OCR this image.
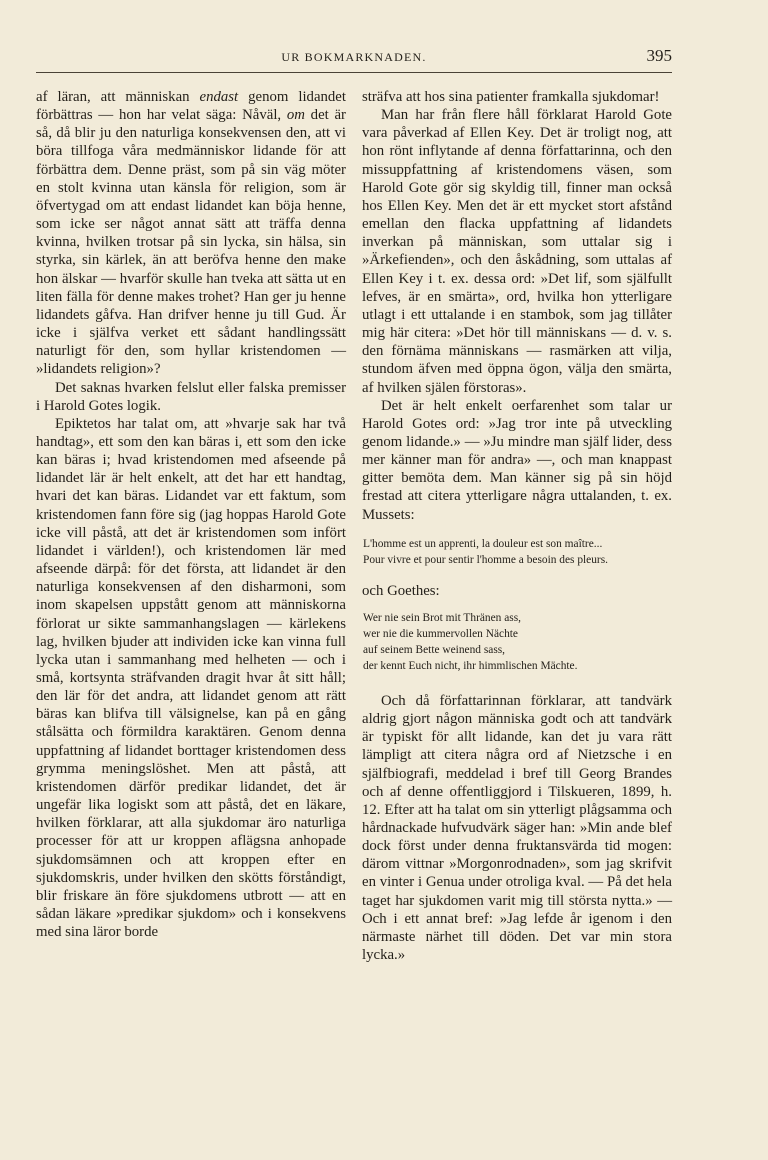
UR BOKMARKNADEN.	395

af läran, att människan endast genom lidandet förbättras — hon har velat säga: Nåväl, om det är så, då blir ju den naturliga konsekvensen den, att vi böra tillfoga våra medmänniskor lidande för att förbättra dem. Denne präst, som på sin väg möter en stolt kvinna utan känsla för religion, som är öfvertygad om att endast lidandet kan böja henne, som icke ser något annat sätt att träffa denna kvinna, hvilken trotsar på sin lycka, sin hälsa, sin styrka, sin kärlek, än att beröfva henne den make hon älskar — hvarför skulle han tveka att sätta ut en liten fälla för denne makes trohet? Han ger ju henne lidandets gåfva. Han drifver henne ju till Gud. Är icke i själfva verket ett sådant handlingssätt naturligt för den, som hyllar kristendomen — »lidandets religion»?

Det saknas hvarken felslut eller falska premisser i Harold Gotes logik.

Epiktetos har talat om, att »hvarje sak har två handtag», ett som den kan bäras i, ett som den icke kan bäras i; hvad kristendomen med afseende på lidandet lär är helt enkelt, att det har ett handtag, hvari det kan bäras. Lidandet var ett faktum, som kristendomen fann före sig (jag hoppas Harold Gote icke vill påstå, att det är kristendomen som infört lidandet i världen!), och kristendomen lär med afseende därpå: för det första, att lidandet är den naturliga konsekvensen af den disharmoni, som inom skapelsen uppstått genom att människorna förlorat ur sikte sammanhangslagen — kärlekens lag, hvilken bjuder att individen icke kan vinna full lycka utan i sammanhang med helheten — och i små, kortsynta sträfvanden dragit hvar åt sitt håll; den lär för det andra, att lidandet genom att rätt bäras kan blifva till välsignelse, kan på en gång stålsätta och förmildra karaktären. Genom denna uppfattning af lidandet borttager kristendomen dess grymma meningslöshet. Men att påstå, att kristendomen därför predikar lidandet, det är ungefär lika logiskt som att påstå, det en läkare, hvilken förklarar, att alla sjukdomar äro naturliga processer för att ur kroppen aflägsna anhopade sjukdomsämnen och att kroppen efter en sjukdomskris, under hvilken den skötts förståndigt, blir friskare än före sjukdomens utbrott — att en sådan läkare »predikar sjukdom» och i konsekvens med sina läror borde

sträfva att hos sina patienter framkalla sjukdomar!

Man har från flere håll förklarat Harold Gote vara påverkad af Ellen Key. Det är troligt nog, att hon rönt inflytande af denna författarinna, och den missuppfattning af kristendomens väsen, som Harold Gote gör sig skyldig till, finner man också hos Ellen Key. Men det är ett mycket stort afstånd emellan den flacka uppfattning af lidandets inverkan på människan, som uttalar sig i »Ärkefienden», och den åskådning, som uttalas af Ellen Key i t. ex. dessa ord: »Det lif, som själfullt lefves, är en smärta», ord, hvilka hon ytterligare utlagt i ett uttalande i en stambok, som jag tillåter mig här citera: »Det hör till människans — d. v. s. den förnäma människans — rasmärken att vilja, stundom äfven med öppna ögon, välja den smärta, af hvilken själen förstoras».

Det är helt enkelt oerfarenhet som talar ur Harold Gotes ord: »Jag tror inte på utveckling genom lidande.» — »Ju mindre man själf lider, dess mer känner man för andra» —, och man knappast gitter bemöta dem. Man känner sig på sin höjd frestad att citera ytterligare några uttalanden, t. ex. Mussets:

L'homme est un apprenti, la douleur est son maître...
Pour vivre et pour sentir l'homme a besoin des pleurs.

och Goethes:

Wer nie sein Brot mit Thränen ass,
wer nie die kummervollen Nächte
auf seinem Bette weinend sass,
der kennt Euch nicht, ihr himmlischen Mächte.

Och då författarinnan förklarar, att tandvärk aldrig gjort någon människa godt och att tandvärk är typiskt för allt lidande, kan det ju vara rätt lämpligt att citera några ord af Nietzsche i en själfbiografi, meddelad i bref till Georg Brandes och af denne offentliggjord i Tilskueren, 1899, h. 12. Efter att ha talat om sin ytterligt plågsamma och hårdnackade hufvudvärk säger han: »Min ande blef dock först under denna fruktansvärda tid mogen: därom vittnar »Morgonrodnaden», som jag skrifvit en vinter i Genua under otroliga kval. — På det hela taget har sjukdomen varit mig till största nytta.» — Och i ett annat bref: »Jag lefde år igenom i den närmaste närhet till döden. Det var min stora lycka.»
